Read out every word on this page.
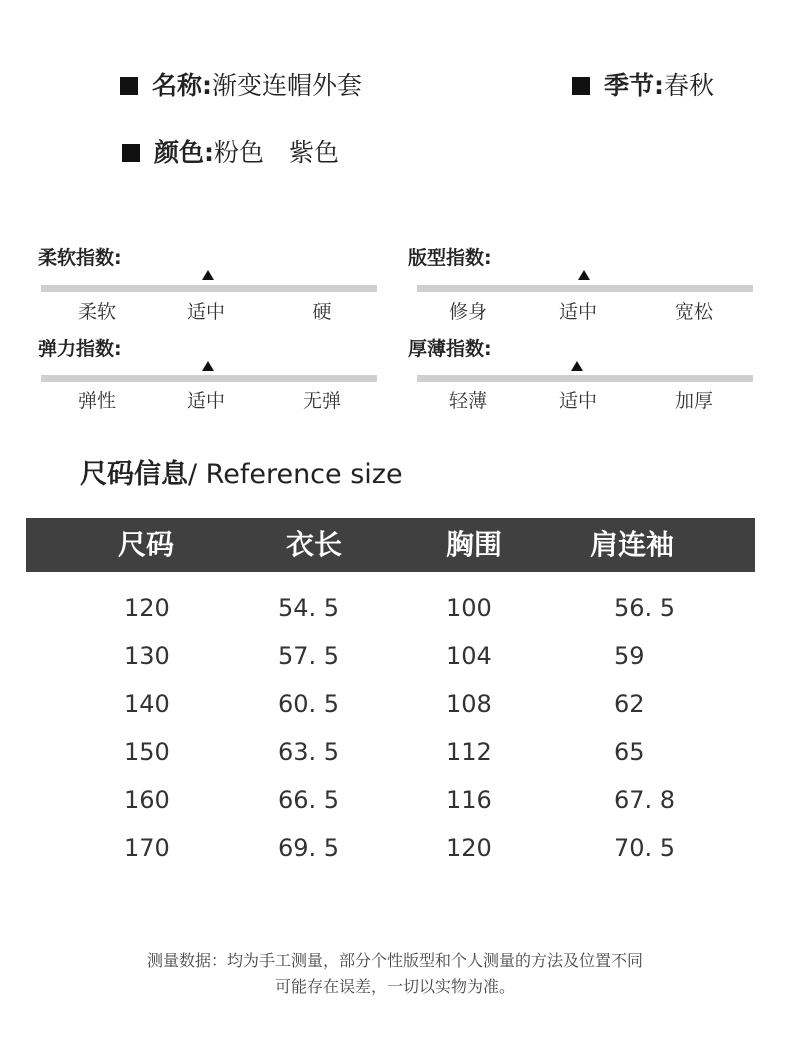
名称:渐变连帽外套	季节:春秋
颜色:粉色　紫色
柔软指数:
柔软	适中	硬
版型指数:
修身	适中	宽松
弹力指数:
弹性	适中	无弹
厚薄指数:
轻薄	适中	加厚
尺码信息/ Reference size
尺码	衣长	胸围	肩连袖
120	54. 5	100	56. 5
130	57. 5	104	59
140	60. 5	108	62
150	63. 5	112	65
160	66. 5	116	67. 8
170	69. 5	120	70. 5
测量数据：均为手工测量，部分个性版型和个人测量的方法及位置不同
可能存在误差，一切以实物为准。
